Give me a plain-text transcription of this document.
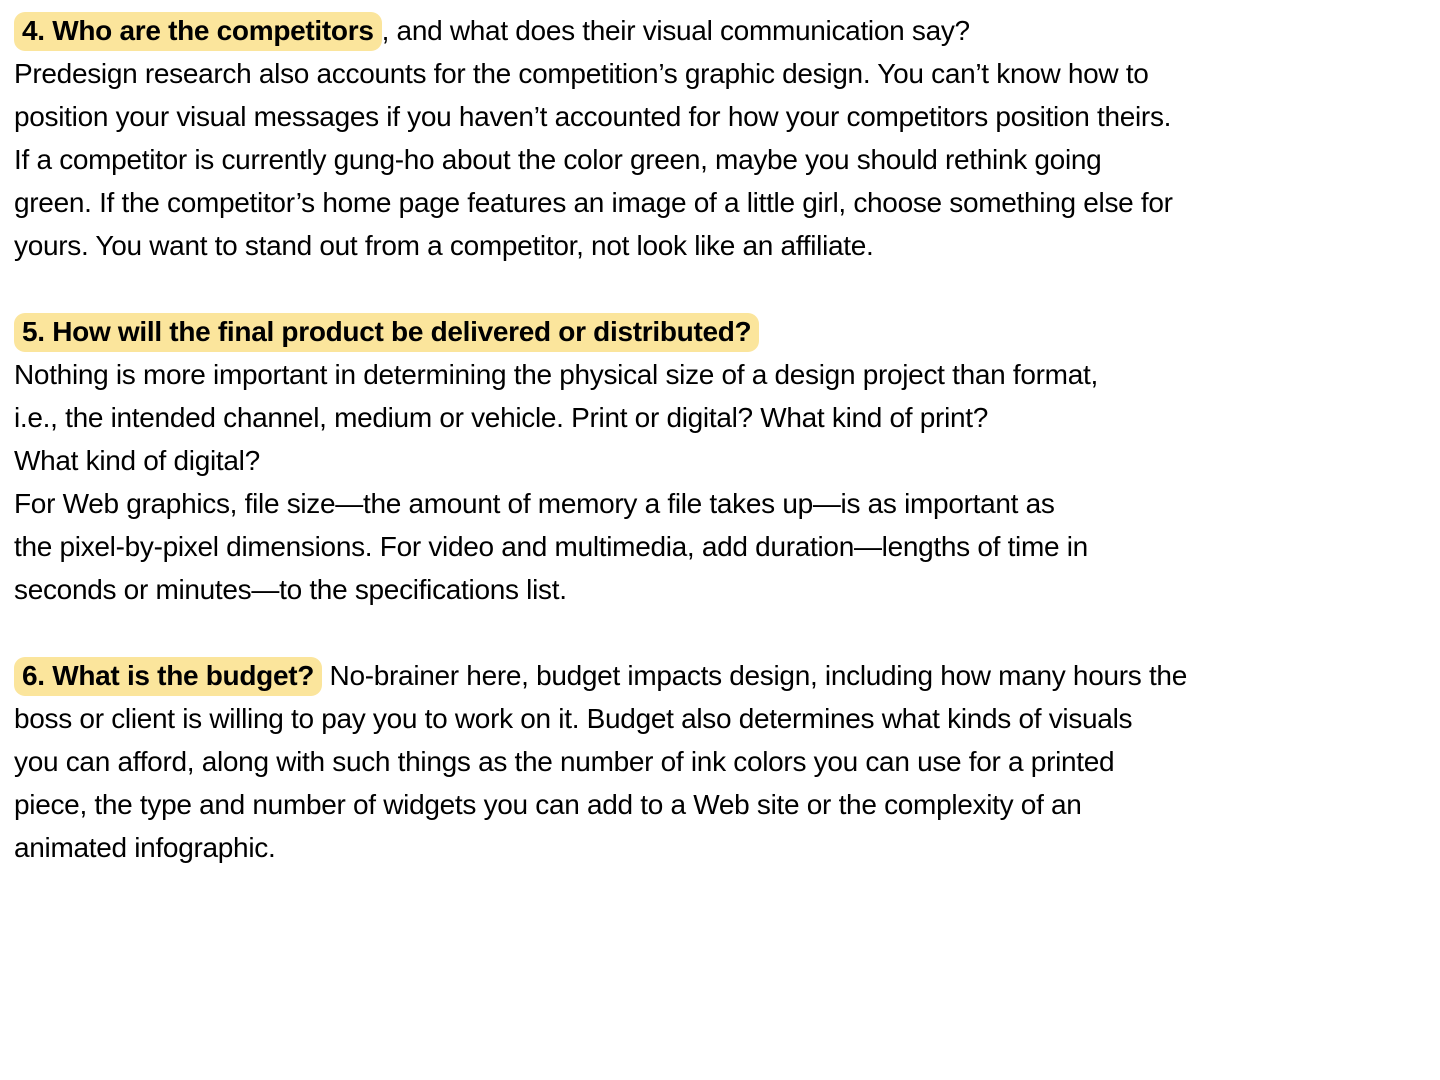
4. Who are the competitors , and what does their visual communication say?

Predesign research also accounts for the competition’s graphic design. You can’t know how to

position your visual messages if you haven’t accounted for how your competitors position theirs.

If a competitor is currently gung-ho about the color green, maybe you should rethink going

green. If the competitor’s home page features an image of a little girl, choose something else for

yours. You want to stand out from a competitor, not look like an affiliate.

5. How will the final product be delivered or distributed?

Nothing is more important in determining the physical size of a design project than format,

i.e., the intended channel, medium or vehicle. Print or digital? What kind of print?

What kind of digital?

For Web graphics, file size—the amount of memory a file takes up—is as important as

the pixel-by-pixel dimensions. For video and multimedia, add duration—lengths of time in

seconds or minutes—to the specifications list.

6. What is the budget? No-brainer here, budget impacts design, including how many hours the

boss or client is willing to pay you to work on it. Budget also determines what kinds of visuals

you can afford, along with such things as the number of ink colors you can use for a printed

piece, the type and number of widgets you can add to a Web site or the complexity of an

animated infographic.
